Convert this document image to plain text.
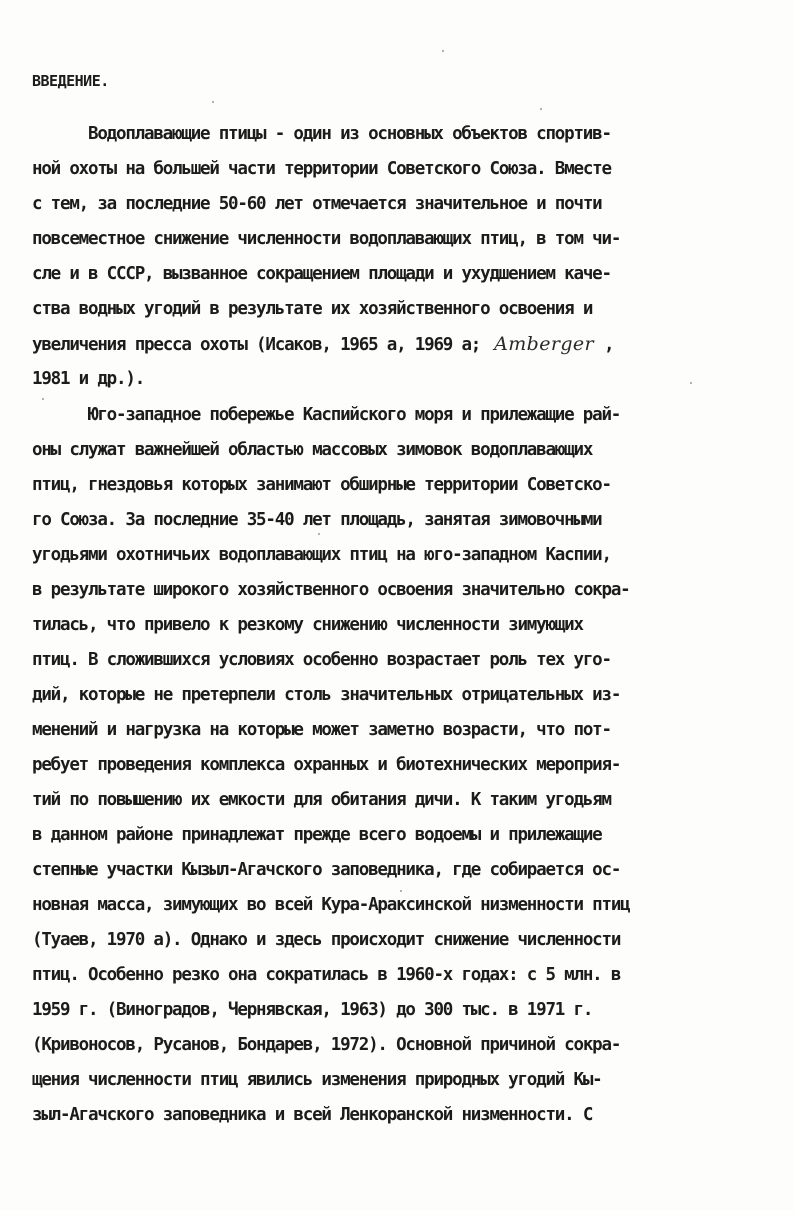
ВВЕДЕНИЕ.
Водоплавающие птицы - один из основных объектов спортив-
ной охоты на большей части территории Советского Союза. Вместе
с тем, за последние 50-60 лет отмечается значительное и почти
повсеместное снижение численности водоплавающих птиц, в том чи-
сле и в СССР, вызванное сокращением площади и ухудшением каче-
ства водных угодий в результате их хозяйственного освоения и
увеличения пресса охоты (Исаков, 1965 а, 1969 а; Amberger ,
1981 и др.).
Юго-западное побережье Каспийского моря и прилежащие рай-
оны служат важнейшей областью массовых зимовок водоплавающих
птиц, гнездовья которых занимают обширные территории Советско-
го Союза. За последние 35-40 лет площадь, занятая зимовочными
угодьями охотничьих водоплавающих птиц на юго-западном Каспии,
в результате широкого хозяйственного освоения значительно сокра-
тилась, что привело к резкому снижению численности зимующих
птиц. В сложившихся условиях особенно возрастает роль тех уго-
дий, которые не претерпели столь значительных отрицательных из-
менений и нагрузка на которые может заметно возрасти, что пот-
ребует проведения комплекса охранных и биотехнических мероприя-
тий по повышению их емкости для обитания дичи. К таким угодьям
в данном районе принадлежат прежде всего водоемы и прилежащие
степные участки Кызыл-Агачского заповедника, где собирается ос-
новная масса, зимующих во всей Кура-Араксинской низменности птиц
(Туаев, 1970 а). Однако и здесь происходит снижение численности
птиц. Особенно резко она сократилась в 1960-х годах: с 5 млн. в
1959 г. (Виноградов, Чернявская, 1963) до 300 тыс. в 1971 г.
(Кривоносов, Русанов, Бондарев, 1972). Основной причиной сокра-
щения численности птиц явились изменения природных угодий Кы-
зыл-Агачского заповедника и всей Ленкоранской низменности. С
